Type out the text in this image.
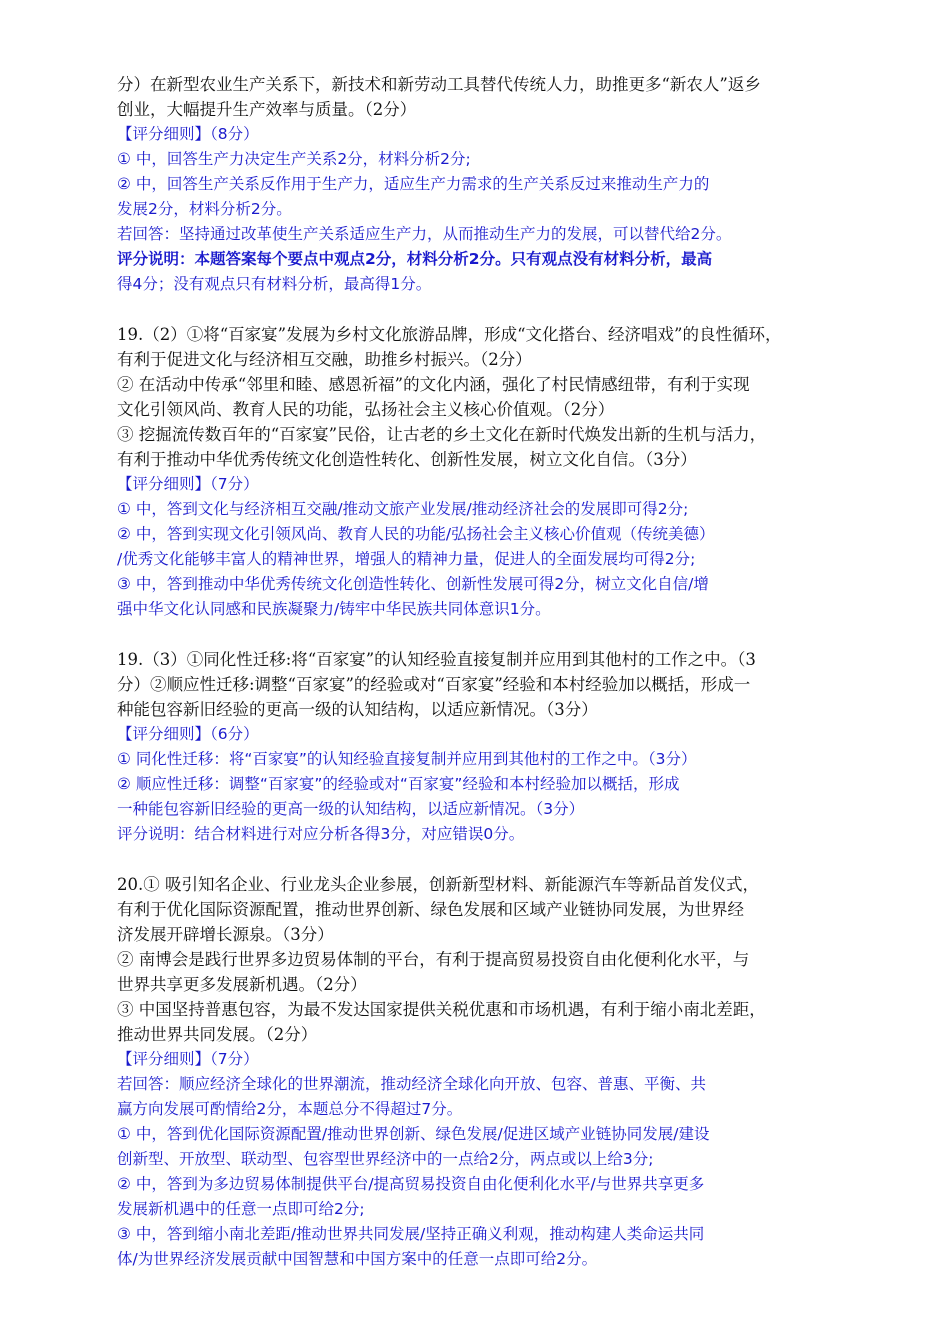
分）在新型农业生产关系下，新技术和新劳动工具替代传统人力，助推更多“新农人”返乡
创业，大幅提升生产效率与质量。（2分）
【评分细则】（8分）
① 中，回答生产力决定生产关系2分，材料分析2分;
② 中，回答生产关系反作用于生产力，适应生产力需求的生产关系反过来推动生产力的
发展2分，材料分析2分。
若回答：坚持通过改革使生产关系适应生产力，从而推动生产力的发展，可以替代给2分。
评分说明：本题答案每个要点中观点2分，材料分析2分。只有观点没有材料分析，最高
得4分；没有观点只有材料分析，最高得1分。
19.（2）①将“百家宴”发展为乡村文化旅游品牌，形成“文化搭台、经济唱戏”的良性循环，
有利于促进文化与经济相互交融，助推乡村振兴。（2分）
② 在活动中传承“邻里和睦、感恩祈福”的文化内涵，强化了村民情感纽带，有利于实现
文化引领风尚、教育人民的功能，弘扬社会主义核心价值观。（2分）
③ 挖掘流传数百年的“百家宴”民俗，让古老的乡土文化在新时代焕发出新的生机与活力，
有利于推动中华优秀传统文化创造性转化、创新性发展，树立文化自信。（3分）
【评分细则】（7分）
① 中，答到文化与经济相互交融/推动文旅产业发展/推动经济社会的发展即可得2分;
② 中，答到实现文化引领风尚、教育人民的功能/弘扬社会主义核心价值观（传统美德）
/优秀文化能够丰富人的精神世界，增强人的精神力量，促进人的全面发展均可得2分;
③ 中，答到推动中华优秀传统文化创造性转化、创新性发展可得2分，树立文化自信/增
强中华文化认同感和民族凝聚力/铸牢中华民族共同体意识1分。
19.（3）①同化性迁移:将“百家宴”的认知经验直接复制并应用到其他村的工作之中。（3
分）②顺应性迁移:调整“百家宴”的经验或对“百家宴”经验和本村经验加以概括，形成一
种能包容新旧经验的更高一级的认知结构，以适应新情况。（3分）
【评分细则】（6分）
① 同化性迁移：将“百家宴”的认知经验直接复制并应用到其他村的工作之中。（3分）
② 顺应性迁移：调整“百家宴”的经验或对“百家宴”经验和本村经验加以概括，形成
一种能包容新旧经验的更高一级的认知结构，以适应新情况。（3分）
评分说明：结合材料进行对应分析各得3分，对应错误0分。
20.① 吸引知名企业、行业龙头企业参展，创新新型材料、新能源汽车等新品首发仪式，
有利于优化国际资源配置，推动世界创新、绿色发展和区域产业链协同发展，为世界经
济发展开辟增长源泉。（3分）
② 南博会是践行世界多边贸易体制的平台，有利于提高贸易投资自由化便利化水平，与
世界共享更多发展新机遇。（2分）
③ 中国坚持普惠包容，为最不发达国家提供关税优惠和市场机遇，有利于缩小南北差距，
推动世界共同发展。（2分）
【评分细则】（7分）
若回答：顺应经济全球化的世界潮流，推动经济全球化向开放、包容、普惠、平衡、共
赢方向发展可酌情给2分，本题总分不得超过7分。
① 中，答到优化国际资源配置/推动世界创新、绿色发展/促进区域产业链协同发展/建设
创新型、开放型、联动型、包容型世界经济中的一点给2分，两点或以上给3分;
② 中，答到为多边贸易体制提供平台/提高贸易投资自由化便利化水平/与世界共享更多
发展新机遇中的任意一点即可给2分;
③ 中，答到缩小南北差距/推动世界共同发展/坚持正确义利观，推动构建人类命运共同
体/为世界经济发展贡献中国智慧和中国方案中的任意一点即可给2分。
